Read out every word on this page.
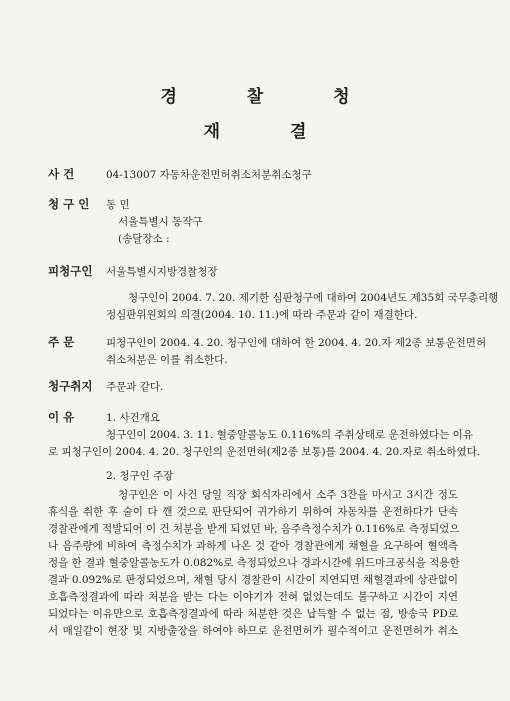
경 찰 청
재 결
사 건	04-13007 자동차운전면허취소처분취소청구
청 구 인 동 민
서울특별시 동작구
(송달장소 :
피청구인 서울특별시지방경찰청장
청구인이 2004. 7. 20. 제기한 심판청구에 대하여 2004년도 제35회 국무총리행
정심판위원회의 의결(2004. 10. 11.)에 따라 주문과 같이 재결한다.
주 문	피청구인이 2004. 4. 20. 청구인에 대하여 한 2004. 4. 20.자 제2종 보통운전면허
취소처분은 이를 취소한다.
청구취지 주문과 같다.
이 유	1. 사건개요
청구인이 2004. 3. 11. 혈중알콜농도 0.116%의 주취상태로 운전하였다는 이유
로 피청구인이 2004. 4. 20. 청구인의 운전면허(제2종 보통)를 2004. 4. 20.자로 취소하였다.
2. 청구인 주장
청구인은 이 사건 당일 직장 회식자리에서 소주 3잔을 마시고 3시간 정도
휴식을 취한 후 술이 다 깬 것으로 판단되어 귀가하기 위하여 자동차를 운전하다가 단속
경찰관에게 적발되어 이 건 처분을 받게 되었던 바, 음주측정수치가 0.116%로 측정되었으
나 음주량에 비하여 측정수치가 과하게 나온 것 같아 경찰관에게 채혈을 요구하여 혈액측
정을 한 결과 혈중알콜농도가 0.082%로 측정되었으나 경과시간에 위드마크공식을 적용한
결과 0.092%로 판정되었으며, 채혈 당시 경찰관이 시간이 지연되면 채혈결과에 상관없이
호흡측정결과에 따라 처분을 받는 다는 이야기가 전혀 없었는데도 불구하고 시간이 지연
되었다는 이유만으로 호흡측정결과에 따라 처분한 것은 납득할 수 없는 점, 방송국 PD로
서 매일같이 현장 및 지방출장을 하여야 하므로 운전면허가 필수적이고 운전면허가 취소
